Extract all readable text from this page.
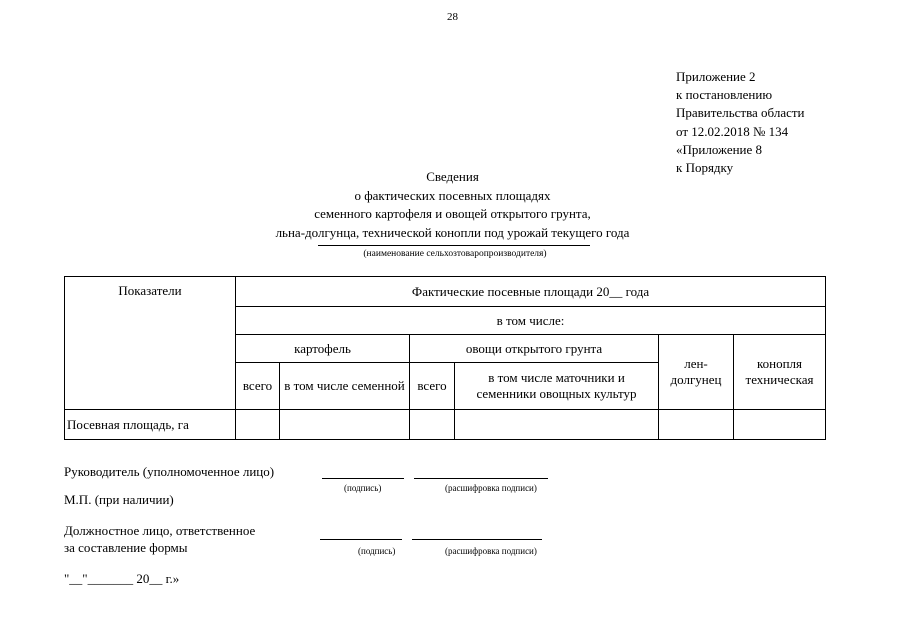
28
Приложение 2
к постановлению
Правительства области
от 12.02.2018 № 134
«Приложение 8
к Порядку
Сведения
о фактических посевных площадях
семенного картофеля и овощей открытого грунта,
льна-долгунца, технической конопли под урожай текущего года
(наименование сельхозтоваропроизводителя)
Показатели	Фактические посевные площади 20__ года					
	в том числе:					
	картофель		овощи открытого грунта		лен-долгунец	конопля техническая
	всего	в том числе семенной	всего	в том числе маточники и семенники овощных культур		
Посевная площадь, га						
Руководитель (уполномоченное лицо)
(подпись)	(расшифровка подписи)
М.П. (при наличии)
Должностное лицо, ответственное
за составление формы	(подпись)	(расшифровка подписи)
"__"_______ 20__ г.»
